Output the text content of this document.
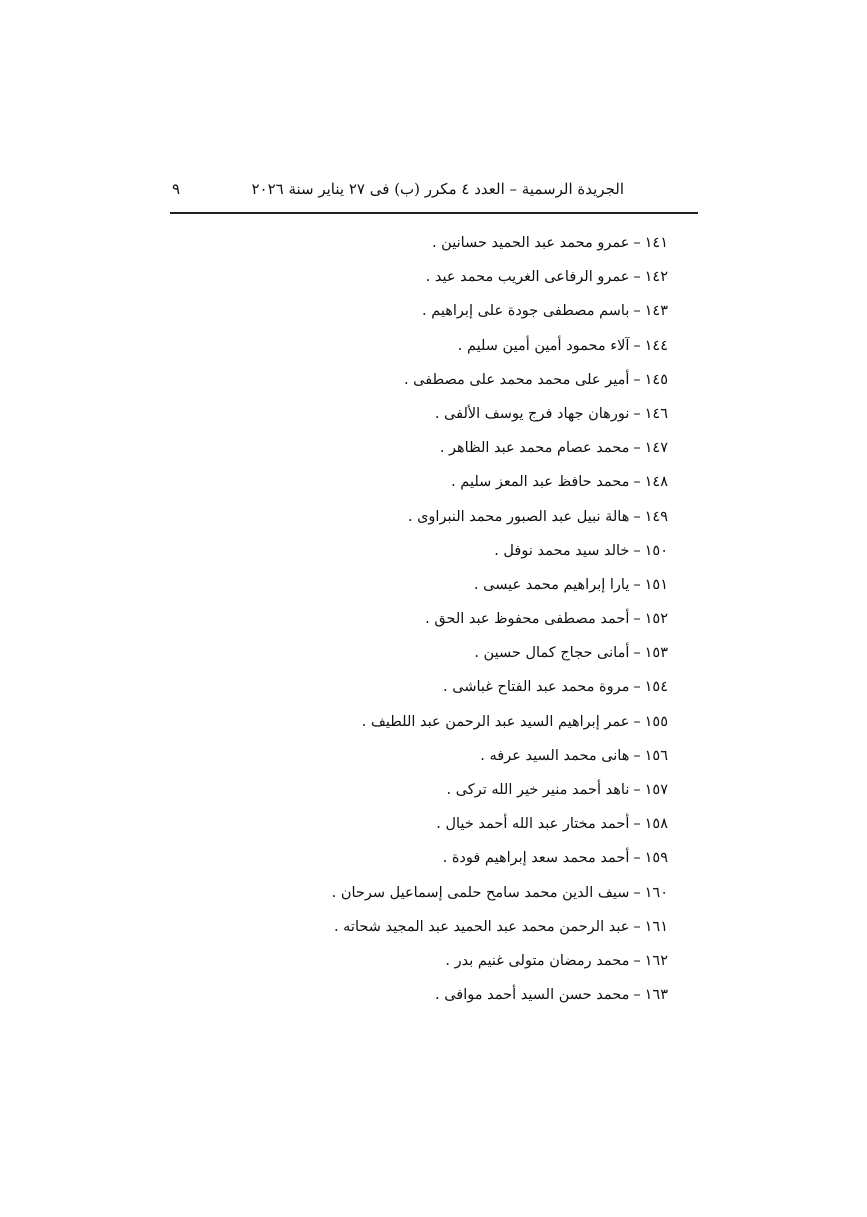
الجريدة الرسمية – العدد ٤ مكرر (ب) فى ٢٧ يناير سنة ٢٠٢٦
٩
١٤١–عمرو محمد عبد الحميد حسانين .
١٤٢–عمرو الرفاعى الغريب محمد عيد .
١٤٣–باسم مصطفى جودة على إبراهيم .
١٤٤–آلاء محمود أمين أمين سليم .
١٤٥–أمير على محمد محمد على مصطفى .
١٤٦–نورهان جهاد فرج يوسف الألفى .
١٤٧–محمد عصام محمد عبد الظاهر .
١٤٨–محمد حافظ عبد المعز سليم .
١٤٩–هالة نبيل عبد الصبور محمد النبراوى .
١٥٠–خالد سيد محمد نوفل .
١٥١–يارا إبراهيم محمد عيسى .
١٥٢–أحمد مصطفى محفوظ عبد الحق .
١٥٣–أمانى حجاج كمال حسين .
١٥٤–مروة محمد عبد الفتاح غباشى .
١٥٥–عمر إبراهيم السيد عبد الرحمن عبد اللطيف .
١٥٦–هانى محمد السيد عرفه .
١٥٧–ناهد أحمد منير خير الله تركى .
١٥٨–أحمد مختار عبد الله أحمد خيال .
١٥٩–أحمد محمد سعد إبراهيم فودة .
١٦٠–سيف الدين محمد سامح حلمى إسماعيل سرحان .
١٦١–عبد الرحمن محمد عبد الحميد عبد المجيد شحاته .
١٦٢–محمد رمضان متولى غنيم بدر .
١٦٣–محمد حسن السيد أحمد موافى .
